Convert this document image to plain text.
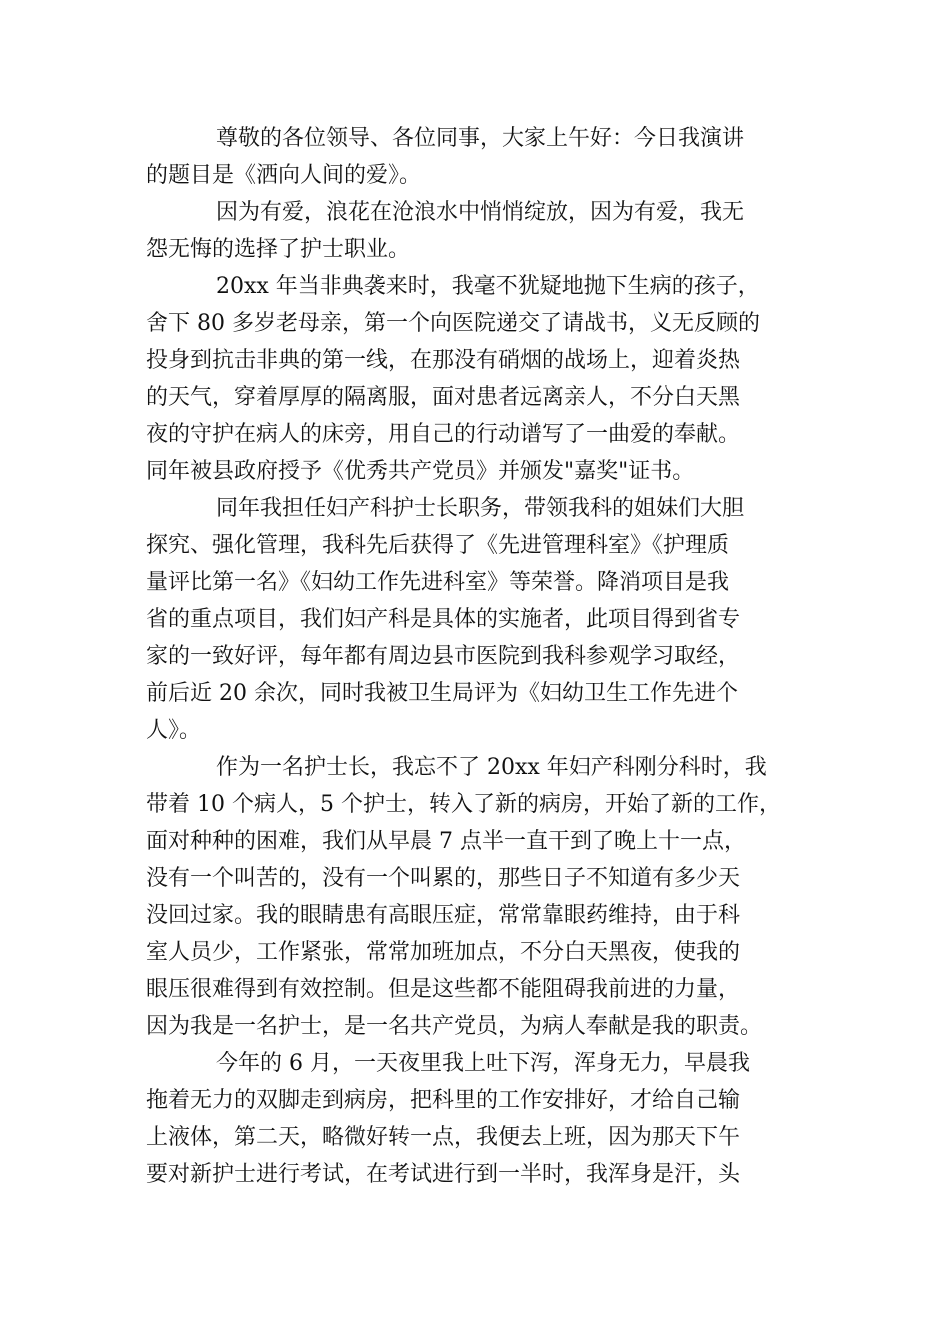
尊敬的各位领导、各位同事，大家上午好：今日我演讲

的题目是《洒向人间的爱》。

因为有爱，浪花在沧浪水中悄悄绽放，因为有爱，我无

怨无悔的选择了护士职业。

20xx 年当非典袭来时，我毫不犹疑地抛下生病的孩子，

舍下 80 多岁老母亲，第一个向医院递交了请战书，义无反顾的

投身到抗击非典的第一线，在那没有硝烟的战场上，迎着炎热

的天气，穿着厚厚的隔离服，面对患者远离亲人，不分白天黑

夜的守护在病人的床旁，用自己的行动谱写了一曲爱的奉献。

同年被县政府授予《优秀共产党员》并颁发"嘉奖"证书。

同年我担任妇产科护士长职务，带领我科的姐妹们大胆

探究、强化管理，我科先后获得了《先进管理科室》《护理质

量评比第一名》《妇幼工作先进科室》等荣誉。降消项目是我

省的重点项目，我们妇产科是具体的实施者，此项目得到省专

家的一致好评，每年都有周边县市医院到我科参观学习取经，

前后近 20 余次，同时我被卫生局评为《妇幼卫生工作先进个

人》。

作为一名护士长，我忘不了 20xx 年妇产科刚分科时，我

带着 10 个病人，5 个护士，转入了新的病房，开始了新的工作，

面对种种的困难，我们从早晨 7 点半一直干到了晚上十一点，

没有一个叫苦的，没有一个叫累的，那些日子不知道有多少天

没回过家。我的眼睛患有高眼压症，常常靠眼药维持，由于科

室人员少，工作紧张，常常加班加点，不分白天黑夜，使我的

眼压很难得到有效控制。但是这些都不能阻碍我前进的力量，

因为我是一名护士，是一名共产党员，为病人奉献是我的职责。

今年的 6 月，一天夜里我上吐下泻，浑身无力，早晨我

拖着无力的双脚走到病房，把科里的工作安排好，才给自己输

上液体，第二天，略微好转一点，我便去上班，因为那天下午

要对新护士进行考试，在考试进行到一半时，我浑身是汗，头
